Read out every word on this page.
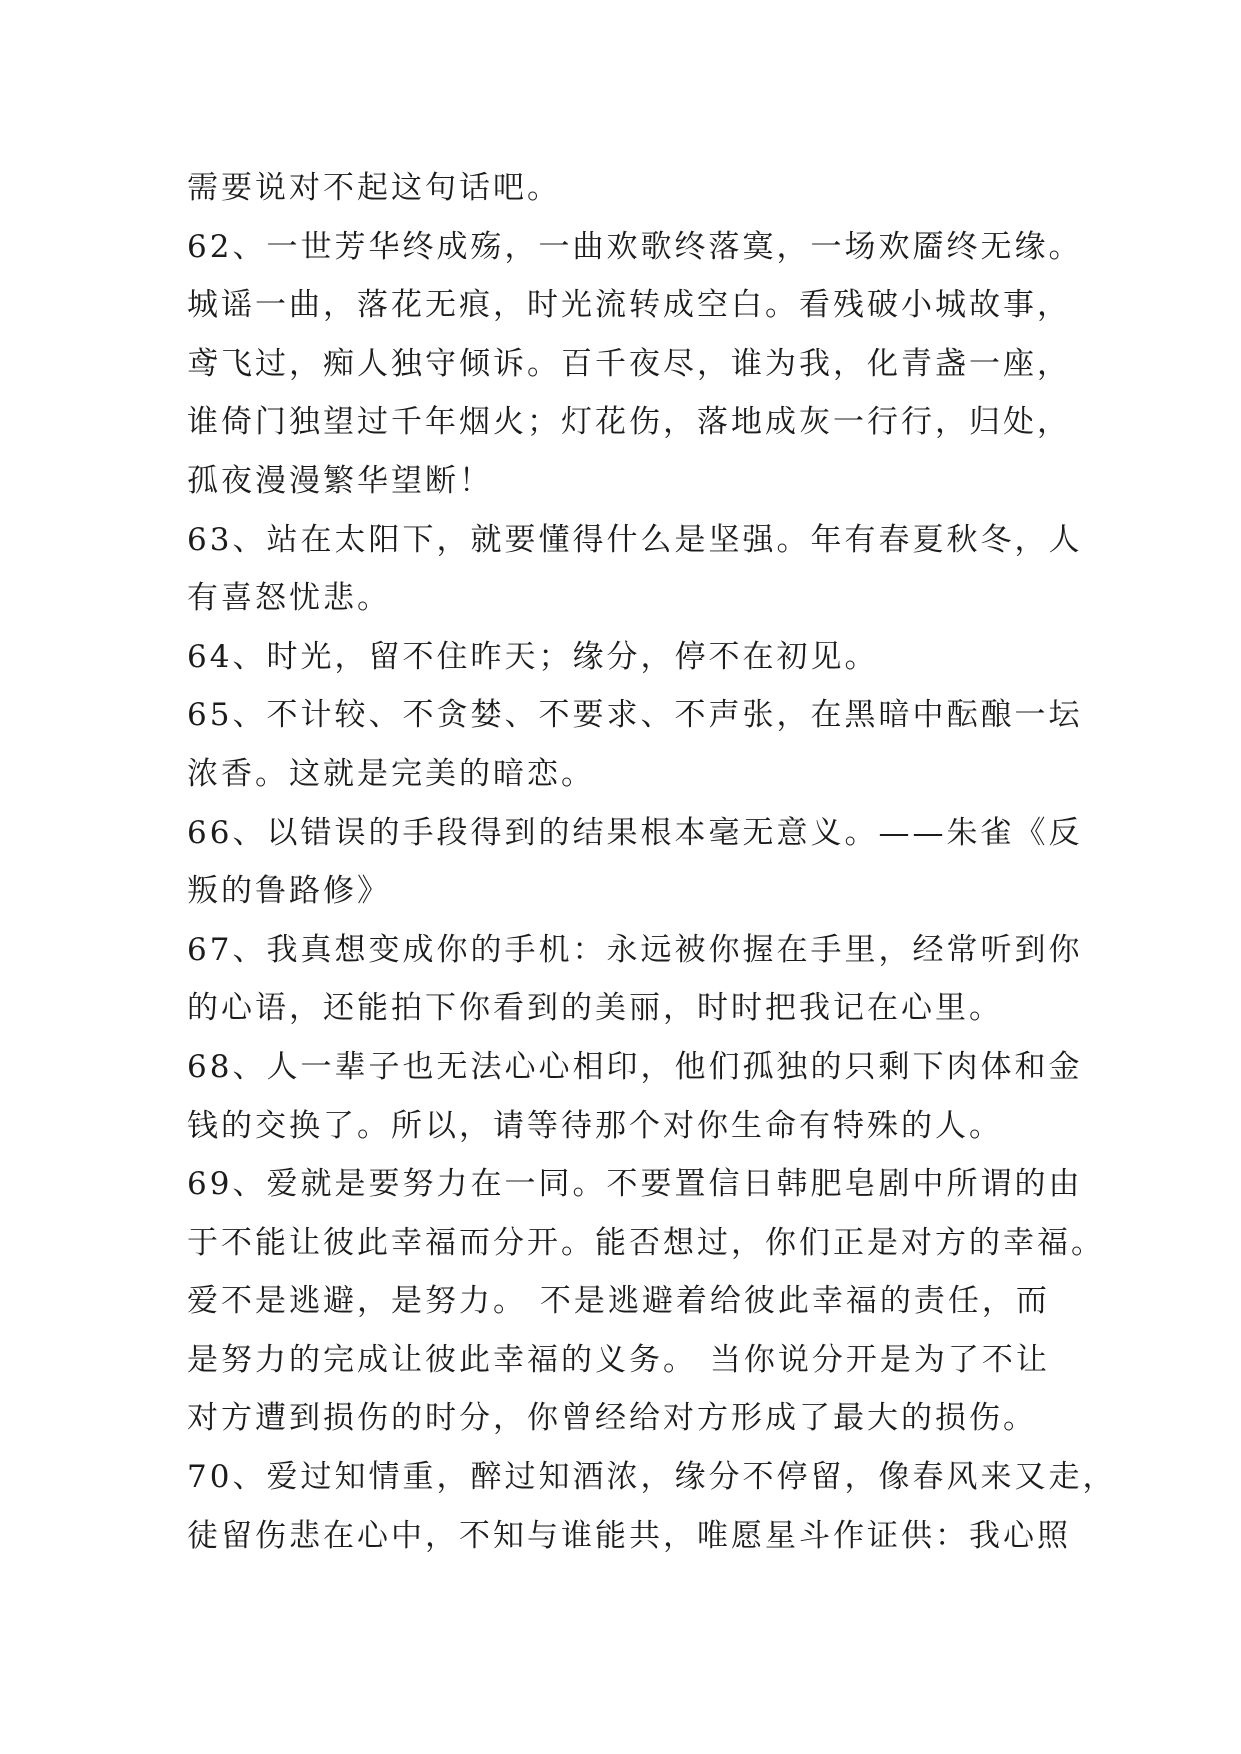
需要说对不起这句话吧。
62、一世芳华终成殇，一曲欢歌终落寞，一场欢靥终无缘。
城谣一曲，落花无痕，时光流转成空白。看残破小城故事，
鸢飞过，痴人独守倾诉。百千夜尽，谁为我，化青盏一座，
谁倚门独望过千年烟火；灯花伤，落地成灰一行行，归处，
孤夜漫漫繁华望断！
63、站在太阳下，就要懂得什么是坚强。年有春夏秋冬，人
有喜怒忧悲。
64、时光，留不住昨天；缘分，停不在初见。
65、不计较、不贪婪、不要求、不声张，在黑暗中酝酿一坛
浓香。这就是完美的暗恋。
66、以错误的手段得到的结果根本毫无意义。——朱雀《反
叛的鲁路修》
67、我真想变成你的手机：永远被你握在手里，经常听到你
的心语，还能拍下你看到的美丽，时时把我记在心里。
68、人一辈子也无法心心相印，他们孤独的只剩下肉体和金
钱的交换了。所以，请等待那个对你生命有特殊的人。
69、爱就是要努力在一同。不要置信日韩肥皂剧中所谓的由
于不能让彼此幸福而分开。能否想过，你们正是对方的幸福。
爱不是逃避，是努力。 不是逃避着给彼此幸福的责任，而
是努力的完成让彼此幸福的义务。 当你说分开是为了不让
对方遭到损伤的时分，你曾经给对方形成了最大的损伤。
70、爱过知情重，醉过知酒浓，缘分不停留，像春风来又走，
徒留伤悲在心中，不知与谁能共，唯愿星斗作证供：我心照
